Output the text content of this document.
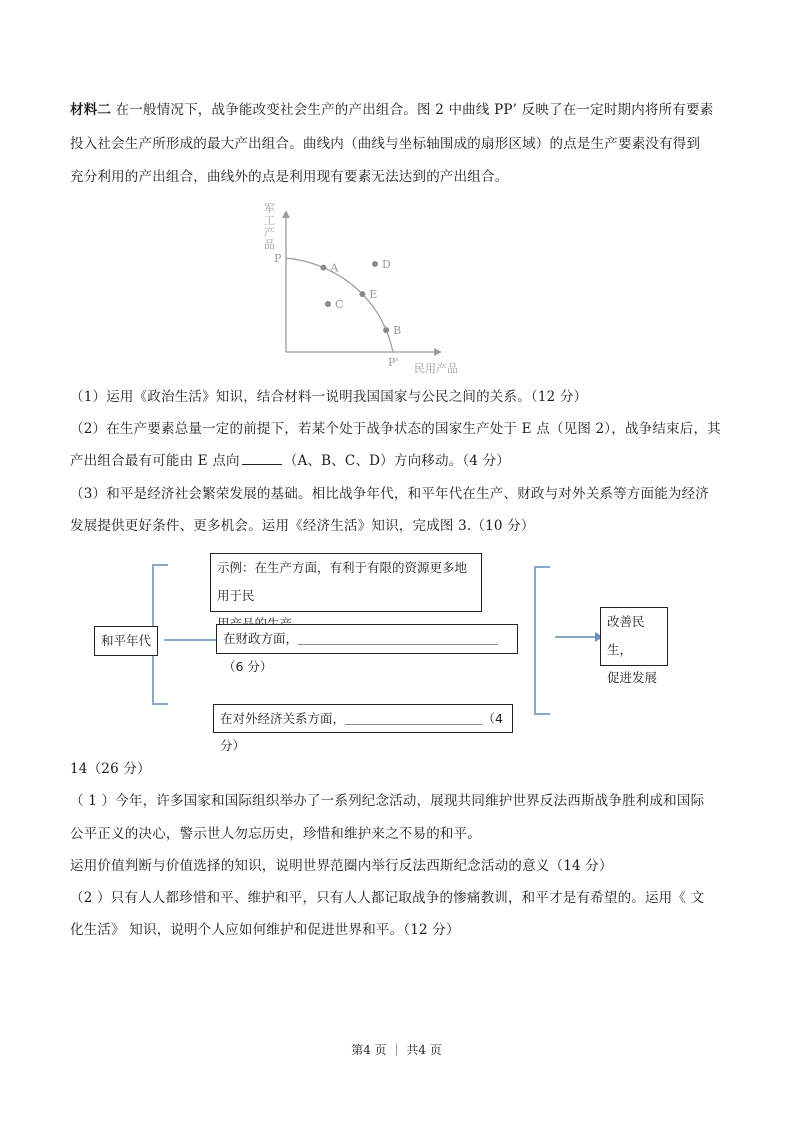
材料二 在一般情况下，战争能改变社会生产的产出组合。图 2 中曲线 PP’ 反映了在一定时期内将所有要素
投入社会生产所形成的最大产出组合。曲线内（曲线与坐标轴围成的扇形区域）的点是生产要素没有得到
充分利用的产出组合，曲线外的点是利用现有要素无法达到的产出组合。
A
E
B
C
D
军工产品
P
P' 民用产品
（1）运用《政治生活》知识，结合材料一说明我国国家与公民之间的关系。（12 分）
（2）在生产要素总量一定的前提下，若某个处于战争状态的国家生产处于 E 点（见图 2），战争结束后，其
产出组合最有可能由 E 点向	（A、B、C、D）方向移动。（4 分）
（3）和平是经济社会繁荣发展的基础。相比战争年代，和平年代在生产、财政与对外关系等方面能为经济
发展提供更好条件、更多机会。运用《经济生活》知识，完成图 3.（10 分）
和平年代
示例：在生产方面，有利于有限的资源更多地用于民
在财政方面，＿＿＿＿＿＿＿＿＿＿＿＿＿＿＿＿（6 分）
在对外经济关系方面，＿＿＿＿＿＿＿＿＿＿＿（4 分）
改善民生，
促进发展
14（26 分）
（ 1 ）今年，许多国家和国际组织举办了一系列纪念活动，展现共同维护世界反法西斯战争胜利成和国际
公平正义的决心，警示世人勿忘历史，珍惜和维护来之不易的和平。
运用价值判断与价值选择的知识，说明世界范圈内举行反法西斯纪念活动的意义（14 分）
（2 ）只有人人都珍惜和平、维护和平，只有人人都记取战争的惨痛教训，和平才是有希望的。运用《 文
化生活》 知识，说明个人应如何维护和促进世界和平。（12 分）
第4 页 ｜ 共4 页
